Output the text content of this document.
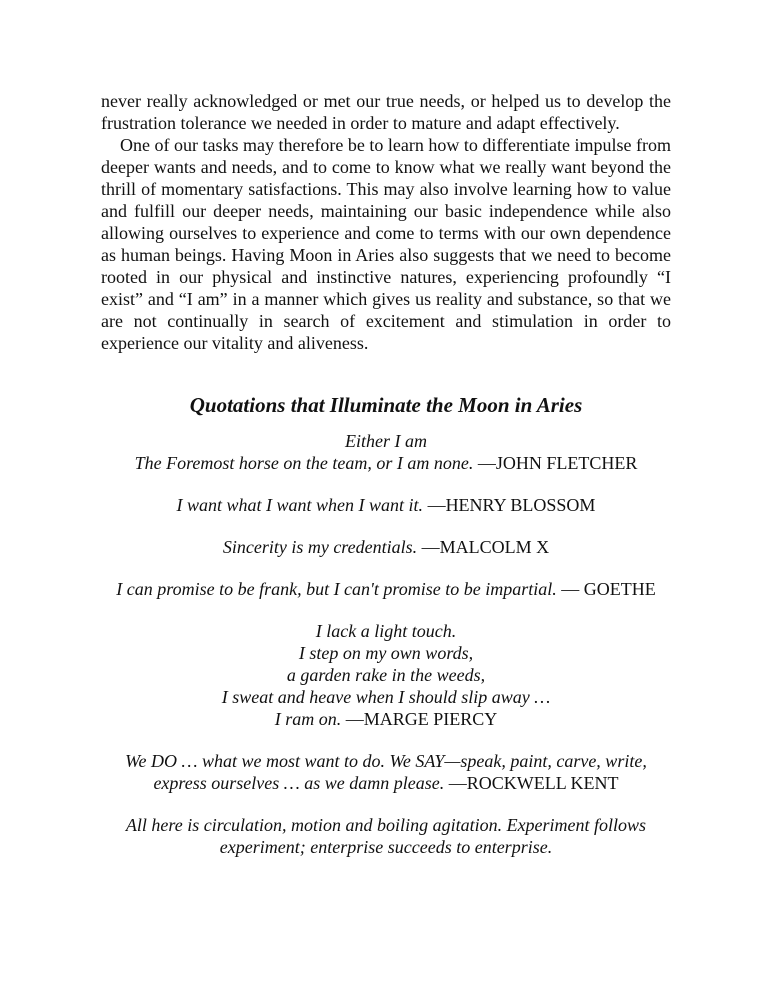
never really acknowledged or met our true needs, or helped us to develop the frustration tolerance we needed in order to mature and adapt effectively.

One of our tasks may therefore be to learn how to differentiate impulse from deeper wants and needs, and to come to know what we really want beyond the thrill of momentary satisfactions. This may also involve learning how to value and fulfill our deeper needs, maintaining our basic independence while also allowing ourselves to experience and come to terms with our own dependence as human beings. Having Moon in Aries also suggests that we need to become rooted in our physical and instinctive natures, experiencing profoundly “I exist” and “I am” in a manner which gives us reality and substance, so that we are not continually in search of excitement and stimulation in order to experience our vitality and aliveness.

Quotations that Illuminate the Moon in Aries
Either I am
The Foremost horse on the team, or I am none. —JOHN FLETCHER
I want what I want when I want it. —HENRY BLOSSOM
Sincerity is my credentials. —MALCOLM X
I can promise to be frank, but I can't promise to be impartial. — GOETHE
I lack a light touch.
I step on my own words,
a garden rake in the weeds,
I sweat and heave when I should slip away …
I ram on. —MARGE PIERCY
We DO … what we most want to do. We SAY—speak, paint, carve, write,
express ourselves … as we damn please. —ROCKWELL KENT
All here is circulation, motion and boiling agitation. Experiment follows
experiment; enterprise succeeds to enterprise.
